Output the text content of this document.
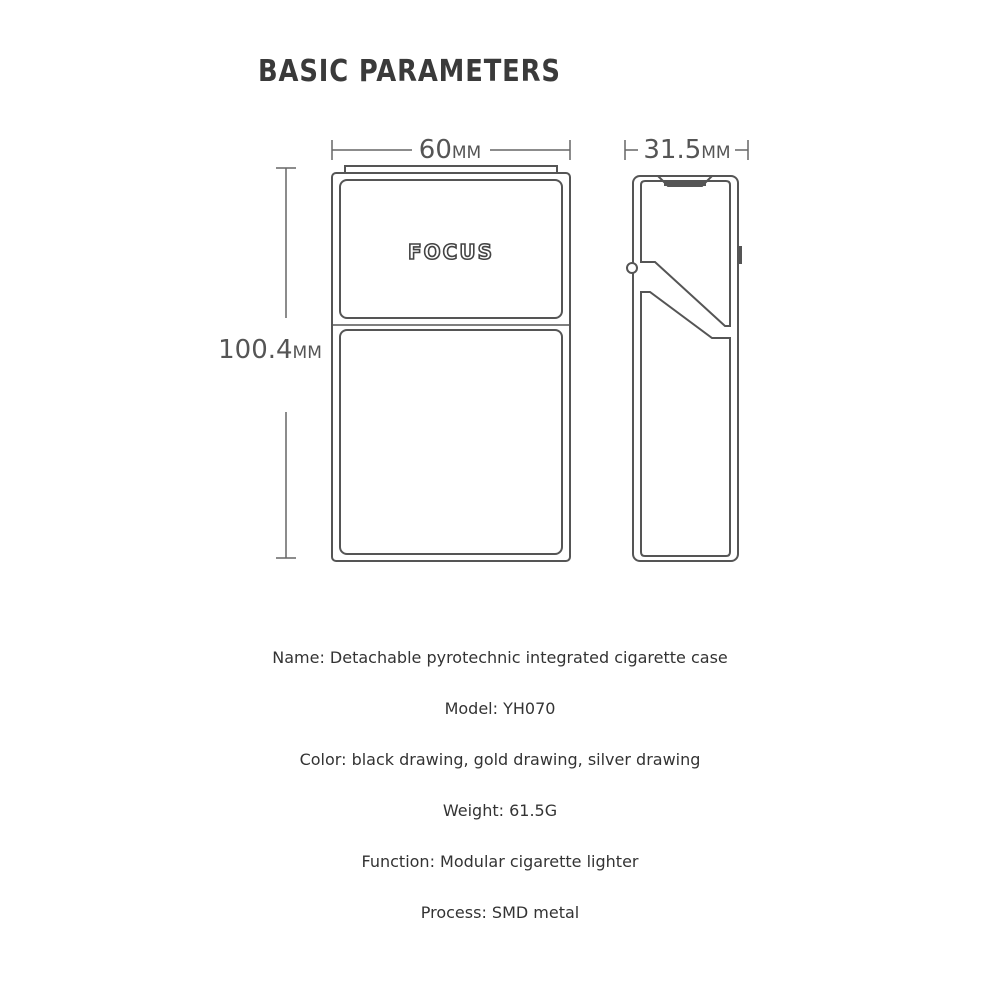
BASIC PARAMETERS
60MM	31.5MM
100.4MM
FOCUS
Name: Detachable pyrotechnic integrated cigarette case
Model: YH070
Color: black drawing, gold drawing, silver drawing
Weight: 61.5G
Function: Modular cigarette lighter
Process: SMD metal
